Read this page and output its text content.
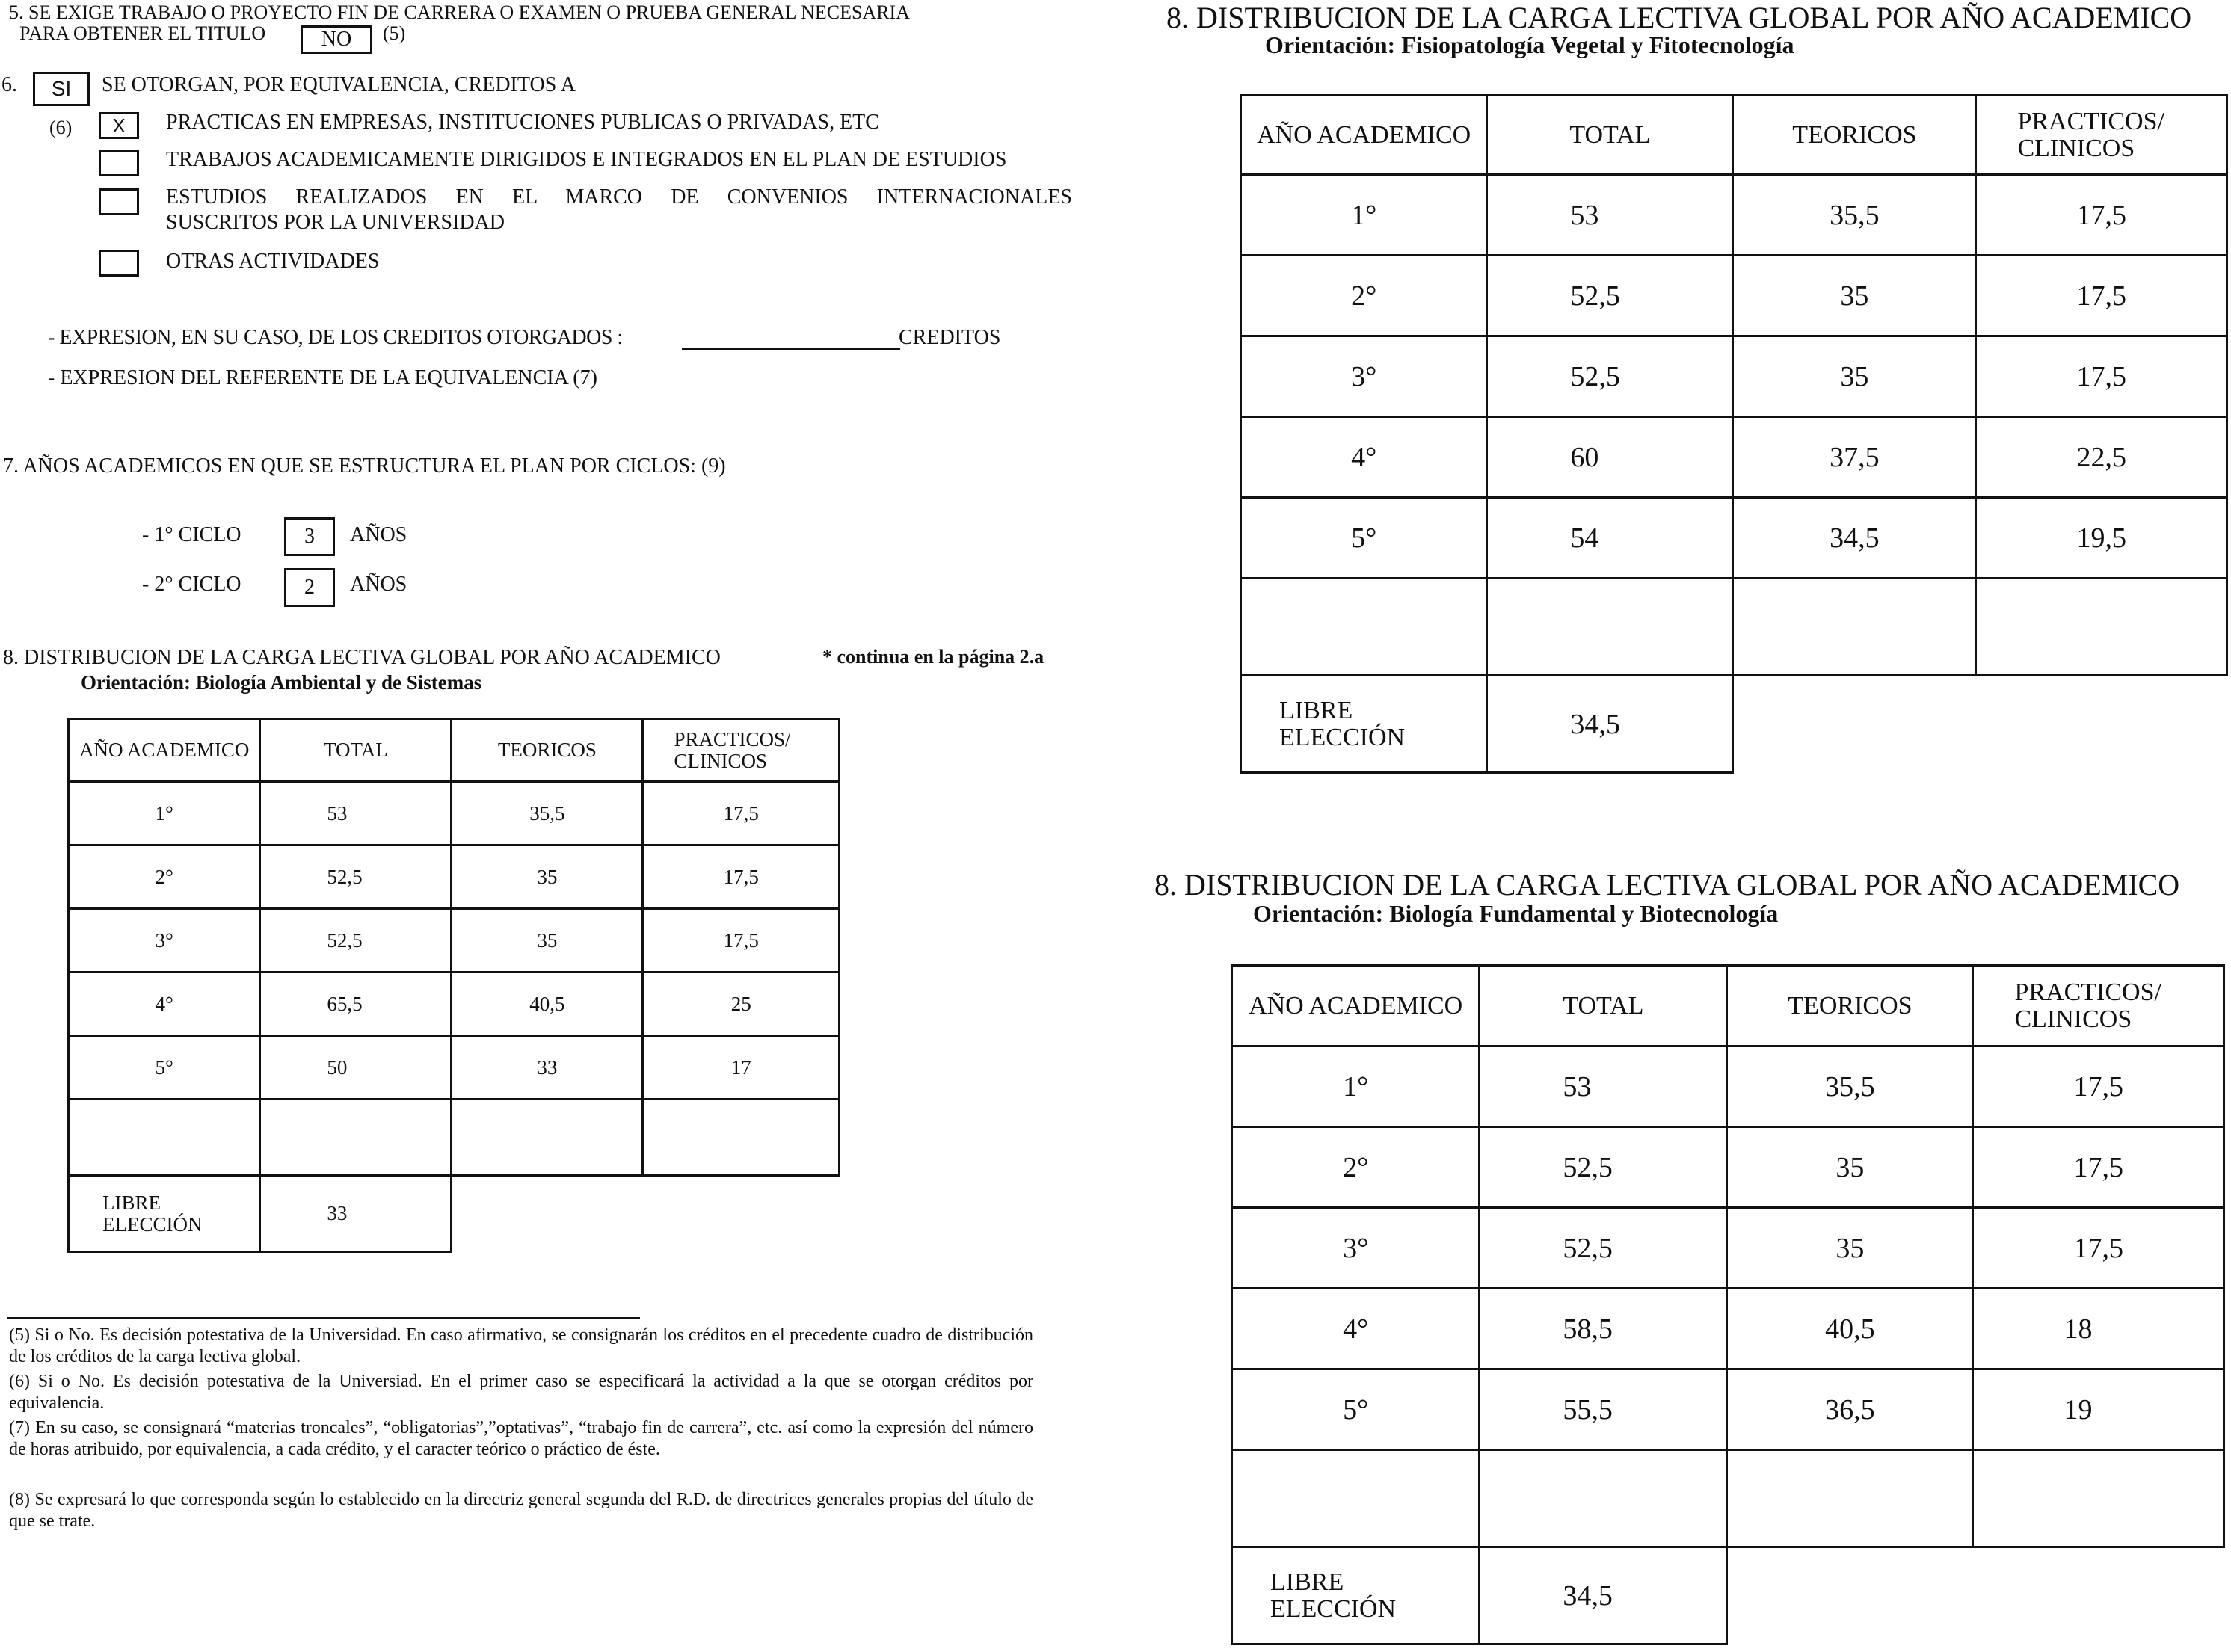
5. SE EXIGE TRABAJO O PROYECTO FIN DE CARRERA O EXAMEN O PRUEBA GENERAL NECESARIA
PARA OBTENER EL TITULO	NO	(5)
6.	SI	SE OTORGAN, POR EQUIVALENCIA, CREDITOS A
(6)	X	PRACTICAS EN EMPRESAS, INSTITUCIONES PUBLICAS O PRIVADAS, ETC
TRABAJOS ACADEMICAMENTE DIRIGIDOS E INTEGRADOS EN EL PLAN DE ESTUDIOS
ESTUDIOS REALIZADOS EN EL MARCO DE CONVENIOS INTERNACIONALES
SUSCRITOS POR LA UNIVERSIDAD
OTRAS ACTIVIDADES
- EXPRESION, EN SU CASO, DE LOS CREDITOS OTORGADOS :	CREDITOS
- EXPRESION DEL REFERENTE DE LA EQUIVALENCIA (7)
7. AÑOS ACADEMICOS EN QUE SE ESTRUCTURA EL PLAN POR CICLOS: (9)
- 1° CICLO	3	AÑOS
- 2° CICLO	2	AÑOS
8. DISTRIBUCION DE LA CARGA LECTIVA GLOBAL POR AÑO ACADEMICO	* continua en la página 2.a
Orientación: Biología Ambiental y de Sistemas
AÑO ACADEMICO	TOTAL	TEORICOS	PRACTICOS/
CLINICOS
1°	53	35,5	17,5
2°	52,5	35	17,5
3°	52,5	35	17,5
4°	65,5	40,5	25
5°	50	33	17

LIBRE
ELECCIÓN	33		
(5) Si o No. Es decisión potestativa de la Universidad. En caso afirmativo, se consignarán los créditos en el precedente cuadro de distribución de los créditos de la carga lectiva global.
(6) Si o No. Es decisión potestativa de la Universiad. En el primer caso se especificará la actividad a la que se otorgan créditos por equivalencia.
(7) En su caso, se consignará “materias troncales”, “obligatorias”,”optativas”, “trabajo fin de carrera”, etc. así como la expresión del número de horas atribuido, por equivalencia, a cada crédito, y el caracter teórico o práctico de éste.
(8) Se expresará lo que corresponda según lo establecido en la directriz general segunda del R.D. de directrices generales propias del título de que se trate.
8. DISTRIBUCION DE LA CARGA LECTIVA GLOBAL POR AÑO ACADEMICO
Orientación: Fisiopatología Vegetal y Fitotecnología
AÑO ACADEMICO	TOTAL	TEORICOS	PRACTICOS/
CLINICOS
1°	53	35,5	17,5
2°	52,5	35	17,5
3°	52,5	35	17,5
4°	60	37,5	22,5
5°	54	34,5	19,5

LIBRE
ELECCIÓN	34,5		
8. DISTRIBUCION DE LA CARGA LECTIVA GLOBAL POR AÑO ACADEMICO
Orientación: Biología Fundamental y Biotecnología
AÑO ACADEMICO	TOTAL	TEORICOS	PRACTICOS/
CLINICOS
1°	53	35,5	17,5
2°	52,5	35	17,5
3°	52,5	35	17,5
4°	58,5	40,5	18
5°	55,5	36,5	19

LIBRE
ELECCIÓN	34,5		
